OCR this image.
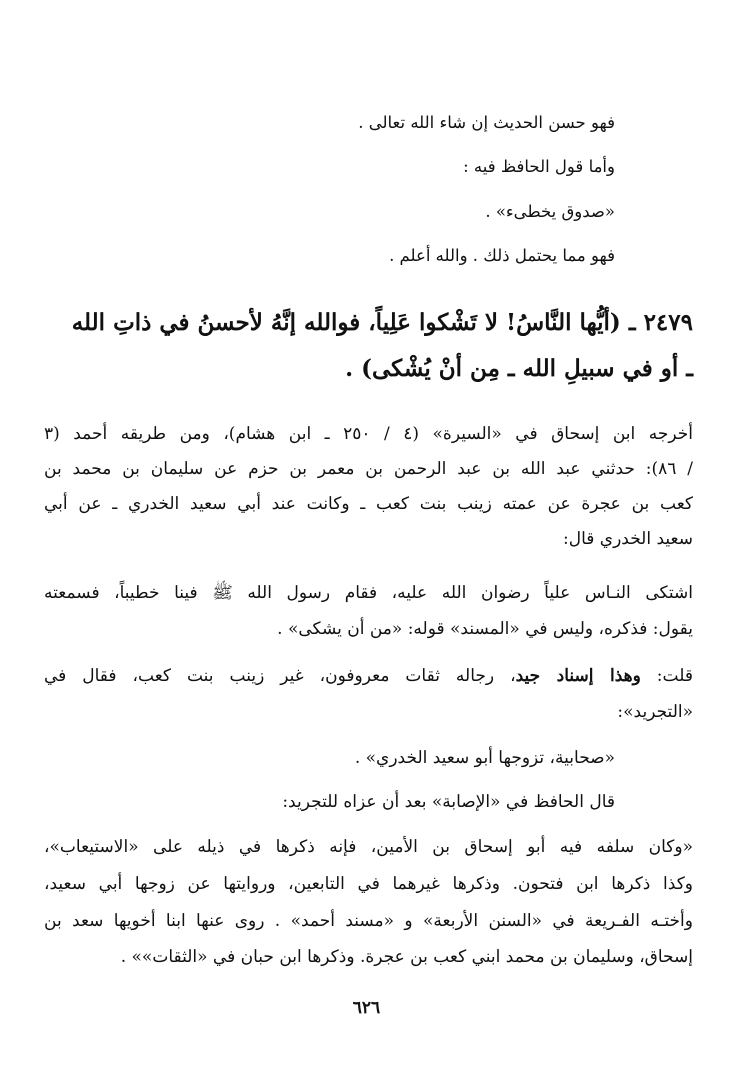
فهو حسن الحديث إن شاء الله تعالى .
وأما قول الحافظ فيه :
«صدوق يخطىء» .
فهو مما يحتمل ذلك . والله أعلم .
٢٤٧٩ ـ (أيُّها النَّاسُ! لا تَشْكوا عَلِياً، فوالله إنَّهُ لأحسنُ في ذاتِ الله
ـ أو في سبيلِ الله ـ مِن أنْ يُشْكى) .
أخرجه ابن إسحاق في «السيرة» (٤ / ٢٥٠ ـ ابن هشام)، ومن طريقه أحمد (٣
/ ٨٦): حدثني عبد الله بن عبد الرحمن بن معمر بن حزم عن سليمان بن محمد بن
كعب بن عجرة عن عمته زينب بنت كعب ـ وكانت عند أبي سعيد الخدري ـ عن أبي
سعيد الخدري قال:
اشتكى النـاس علياً رضوان الله عليه، فقام رسول الله ﷺ فينا خطيباً، فسمعته
يقول: فذكره، وليس في «المسند» قوله: «من أن يشكى» .
قلت: وهذا إسناد جيد، رجاله ثقات معروفون، غير زينب بنت كعب، فقال في
«التجريد»:
«صحابية، تزوجها أبو سعيد الخدري» .
قال الحافظ في «الإصابة» بعد أن عزاه للتجريد:
«وكان سلفه فيه أبو إسحاق بن الأمين، فإنه ذكرها في ذيله على «الاستيعاب»،
وكذا ذكرها ابن فتحون. وذكرها غيرهما في التابعين، وروايتها عن زوجها أبي سعيد،
وأختـه الفـريعة في «السنن الأربعة» و «مسند أحمد» . روى عنها ابنا أخويها سعد بن
إسحاق، وسليمان بن محمد ابني كعب بن عجرة. وذكرها ابن حبان في «الثقات»» .
٦٢٦
